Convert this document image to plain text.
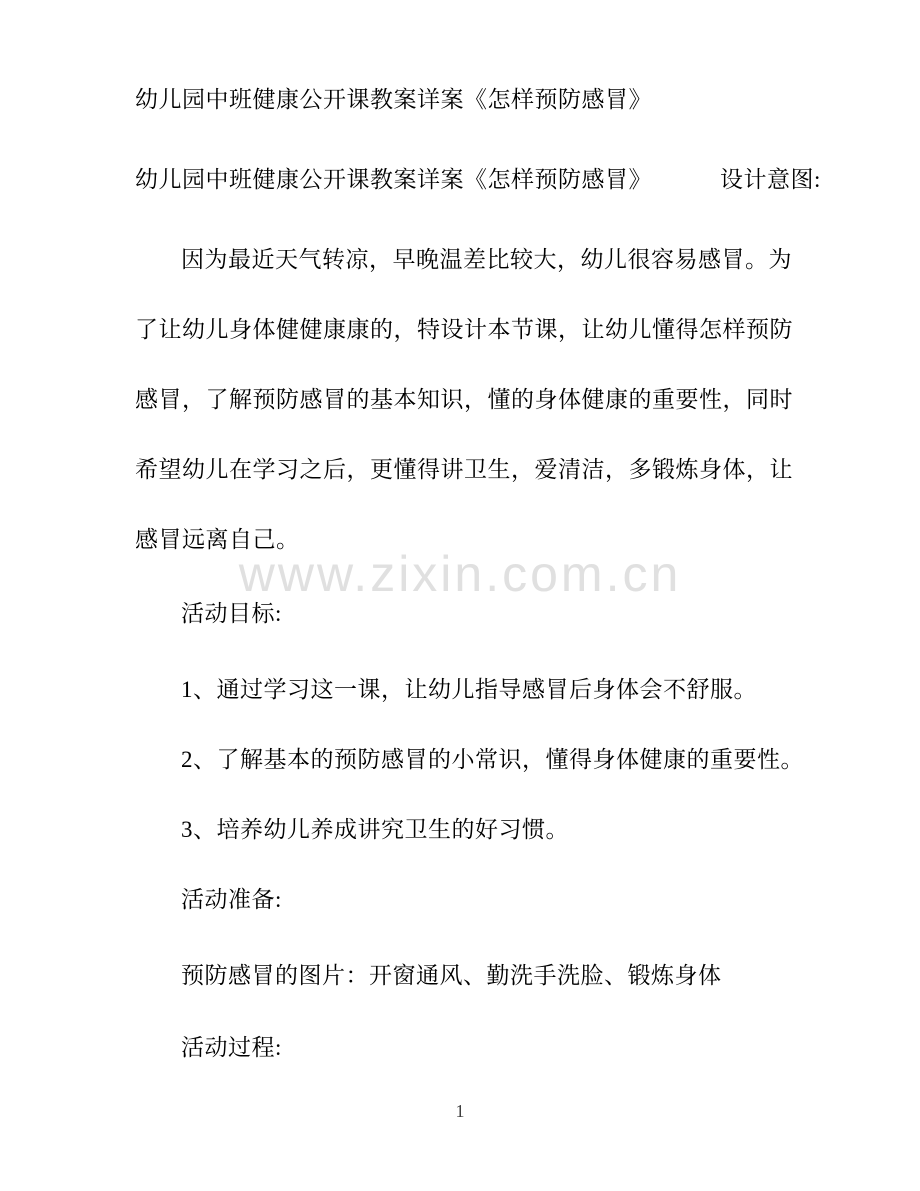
幼儿园中班健康公开课教案详案《怎样预防感冒》
幼儿园中班健康公开课教案详案《怎样预防感冒》	设计意图:
因为最近天气转凉，早晚温差比较大，幼儿很容易感冒。为
了让幼儿身体健健康康的，特设计本节课，让幼儿懂得怎样预防
感冒，了解预防感冒的基本知识，懂的身体健康的重要性，同时
希望幼儿在学习之后，更懂得讲卫生，爱清洁，多锻炼身体，让
感冒远离自己。
www.zixin.com.cn
活动目标:
1、通过学习这一课，让幼儿指导感冒后身体会不舒服。
2、了解基本的预防感冒的小常识，懂得身体健康的重要性。
3、培养幼儿养成讲究卫生的好习惯。
活动准备:
预防感冒的图片：开窗通风、勤洗手洗脸、锻炼身体
活动过程:
1
